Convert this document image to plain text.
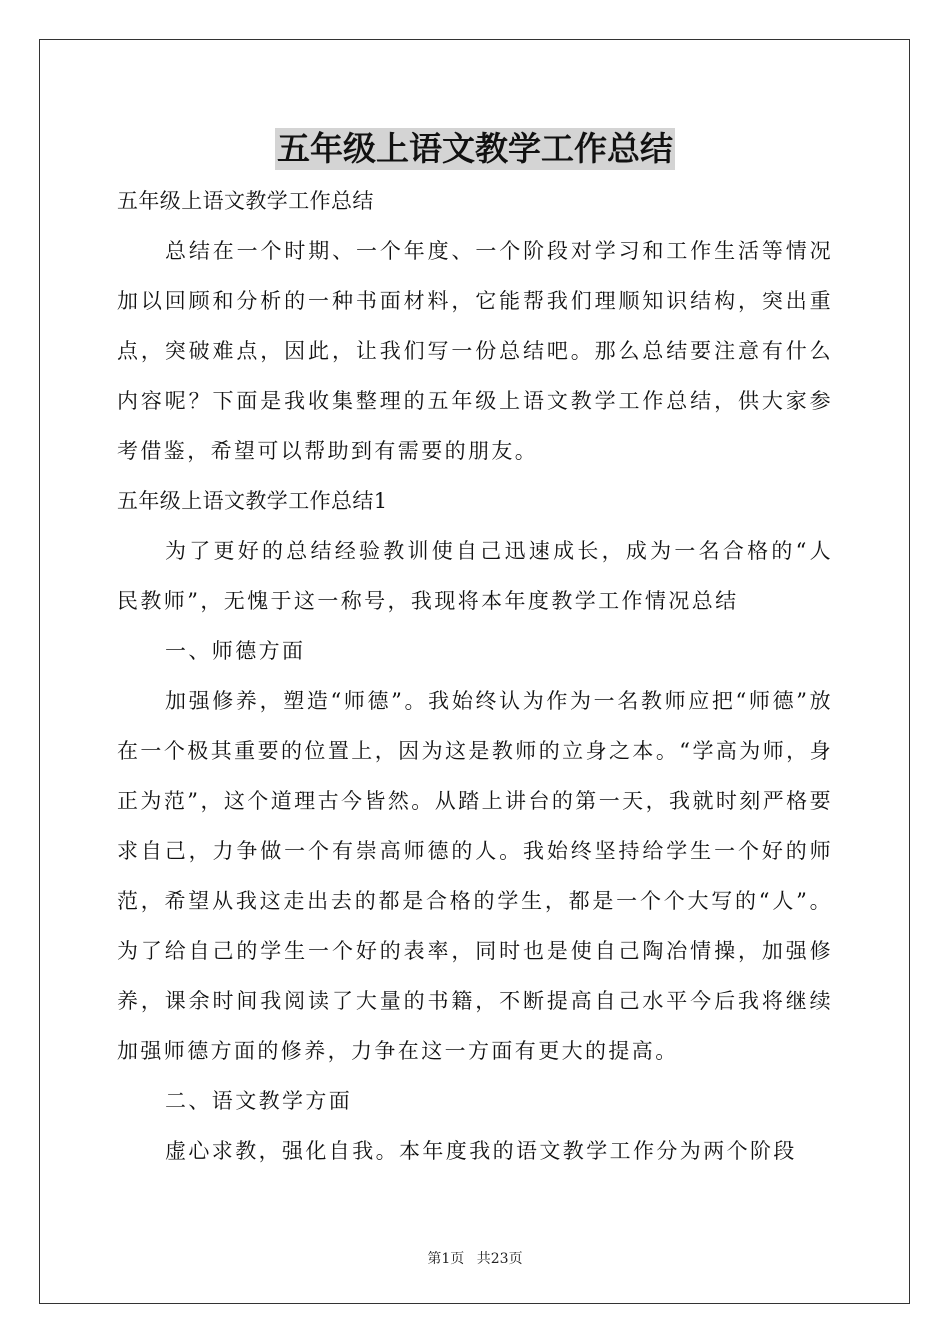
五年级上语文教学工作总结

五年级上语文教学工作总结

总结在一个时期、一个年度、一个阶段对学习和工作生活等情况加以回顾和分析的一种书面材料，它能帮我们理顺知识结构，突出重点，突破难点，因此，让我们写一份总结吧。那么总结要注意有什么内容呢？下面是我收集整理的五年级上语文教学工作总结，供大家参考借鉴，希望可以帮助到有需要的朋友。

五年级上语文教学工作总结1

为了更好的总结经验教训使自己迅速成长，成为一名合格的“人民教师”，无愧于这一称号，我现将本年度教学工作情况总结

一、师德方面

加强修养，塑造“师德”。我始终认为作为一名教师应把“师德”放在一个极其重要的位置上，因为这是教师的立身之本。“学高为师，身正为范”，这个道理古今皆然。从踏上讲台的第一天，我就时刻严格要求自己，力争做一个有崇高师德的人。我始终坚持给学生一个好的师范，希望从我这走出去的都是合格的学生，都是一个个大写的“人”。为了给自己的学生一个好的表率，同时也是使自己陶冶情操，加强修养，课余时间我阅读了大量的书籍，不断提高自己水平今后我将继续加强师德方面的修养，力争在这一方面有更大的提高。

二、语文教学方面

虚心求教，强化自我。本年度我的语文教学工作分为两个阶段

第1页 共23页
